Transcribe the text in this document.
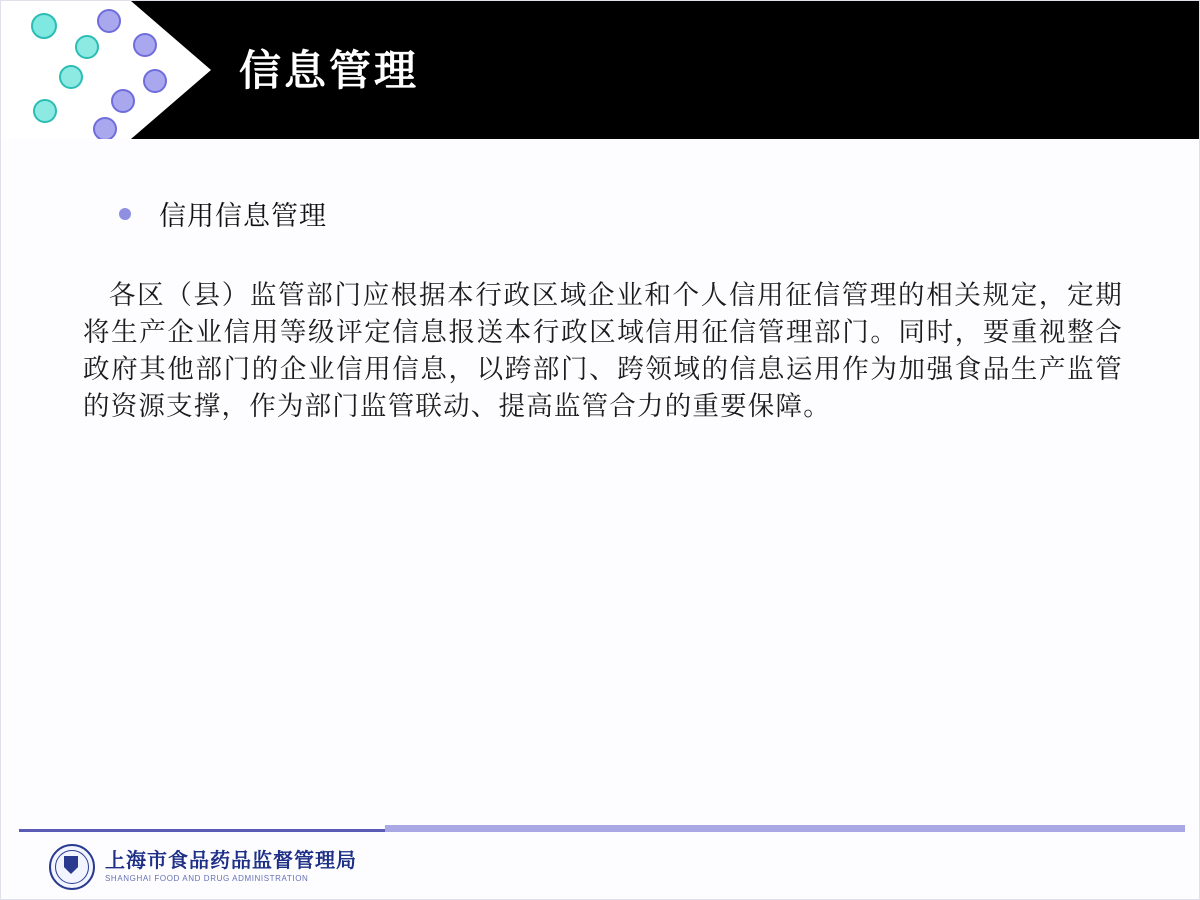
信息管理
信用信息管理
各区（县）监管部门应根据本行政区域企业和个人信用征信管理的相关规定，定期将生产企业信用等级评定信息报送本行政区域信用征信管理部门。同时，要重视整合政府其他部门的企业信用信息，以跨部门、跨领域的信息运用作为加强食品生产监管的资源支撑，作为部门监管联动、提高监管合力的重要保障。
上海市食品药品监督管理局
SHANGHAI FOOD AND DRUG ADMINISTRATION
